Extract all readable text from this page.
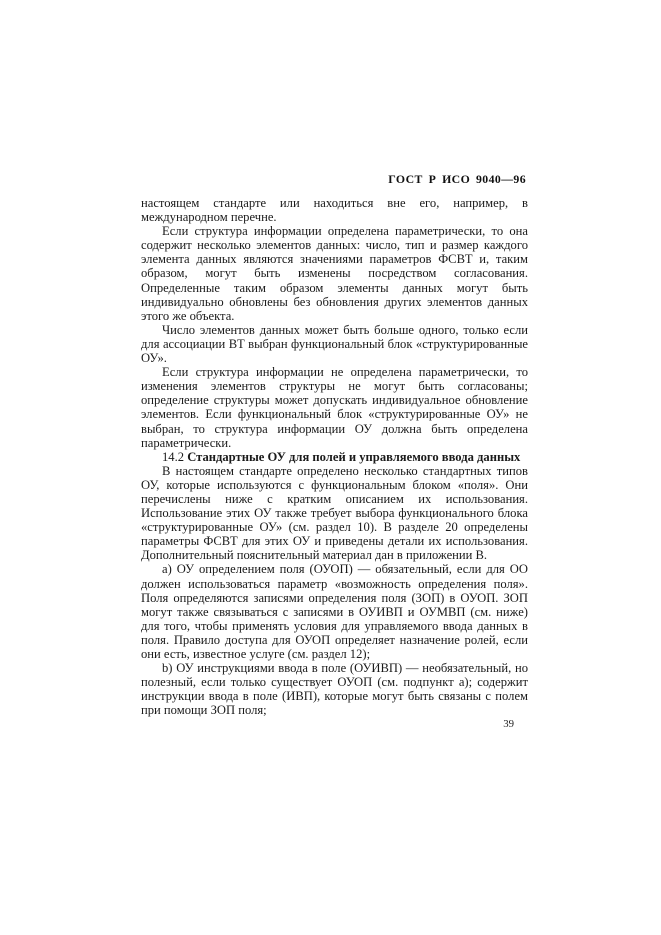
ГОСТ Р ИСО 9040—96

настоящем стандарте или находиться вне его, например, в международном перечне.

Если структура информации определена параметрически, то она содержит несколько элементов данных: число, тип и размер каждого элемента данных являются значениями параметров ФСВТ и, таким образом, могут быть изменены посредством согласования. Определенные таким образом элементы данных могут быть индивидуально обновлены без обновления других элементов данных этого же объекта.

Число элементов данных может быть больше одного, только если для ассоциации ВТ выбран функциональный блок «структурированные ОУ».

Если структура информации не определена параметрически, то изменения элементов структуры не могут быть согласованы; определение структуры может допускать индивидуальное обновление элементов. Если функциональный блок «структурированные ОУ» не выбран, то структура информации ОУ должна быть определена параметрически.

14.2 Стандартные ОУ для полей и управляемого ввода данных

В настоящем стандарте определено несколько стандартных типов ОУ, которые используются с функциональным блоком «поля». Они перечислены ниже с кратким описанием их использования. Использование этих ОУ также требует выбора функционального блока «структурированные ОУ» (см. раздел 10). В разделе 20 определены параметры ФСВТ для этих ОУ и приведены детали их использования. Дополнительный пояснительный материал дан в приложении В.

а) ОУ определением поля (ОУОП) — обязательный, если для ОО должен использоваться параметр «возможность определения поля». Поля определяются записями определения поля (ЗОП) в ОУОП. ЗОП могут также связываться с записями в ОУИВП и ОУМВП (см. ниже) для того, чтобы применять условия для управляемого ввода данных в поля. Правило доступа для ОУОП определяет назначение ролей, если они есть, известное услуге (см. раздел 12);

b) ОУ инструкциями ввода в поле (ОУИВП) — необязательный, но полезный, если только существует ОУОП (см. подпункт а); содержит инструкции ввода в поле (ИВП), которые могут быть связаны с полем при помощи ЗОП поля;

39
